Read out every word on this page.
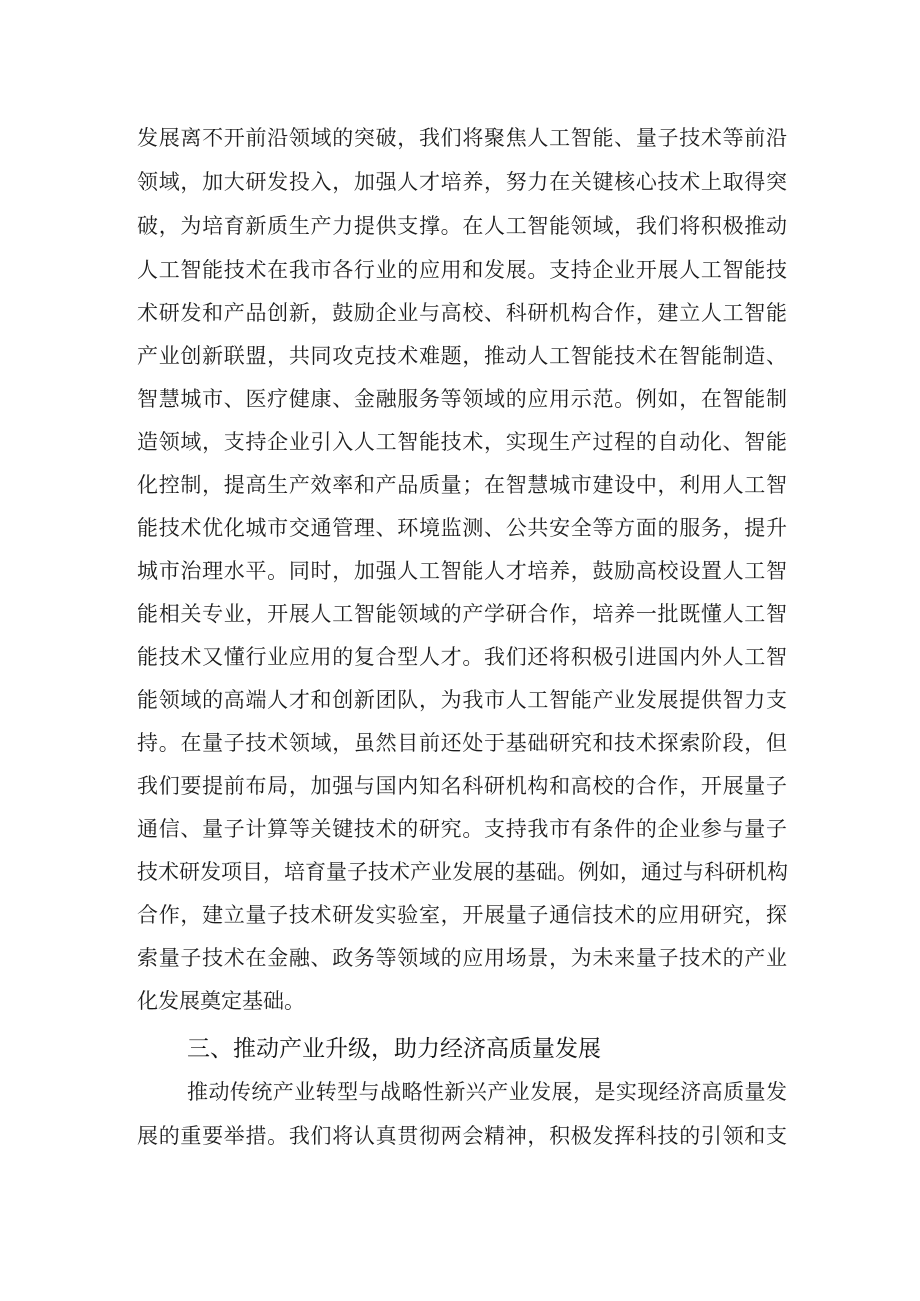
发展离不开前沿领域的突破，我们将聚焦人工智能、量子技术等前沿
领域，加大研发投入，加强人才培养，努力在关键核心技术上取得突
破，为培育新质生产力提供支撑。在人工智能领域，我们将积极推动
人工智能技术在我市各行业的应用和发展。支持企业开展人工智能技
术研发和产品创新，鼓励企业与高校、科研机构合作，建立人工智能
产业创新联盟，共同攻克技术难题，推动人工智能技术在智能制造、
智慧城市、医疗健康、金融服务等领域的应用示范。例如，在智能制
造领域，支持企业引入人工智能技术，实现生产过程的自动化、智能
化控制，提高生产效率和产品质量；在智慧城市建设中，利用人工智
能技术优化城市交通管理、环境监测、公共安全等方面的服务，提升
城市治理水平。同时，加强人工智能人才培养，鼓励高校设置人工智
能相关专业，开展人工智能领域的产学研合作，培养一批既懂人工智
能技术又懂行业应用的复合型人才。我们还将积极引进国内外人工智
能领域的高端人才和创新团队，为我市人工智能产业发展提供智力支
持。在量子技术领域，虽然目前还处于基础研究和技术探索阶段，但
我们要提前布局，加强与国内知名科研机构和高校的合作，开展量子
通信、量子计算等关键技术的研究。支持我市有条件的企业参与量子
技术研发项目，培育量子技术产业发展的基础。例如，通过与科研机构
合作，建立量子技术研发实验室，开展量子通信技术的应用研究，探
索量子技术在金融、政务等领域的应用场景，为未来量子技术的产业
化发展奠定基础。
三、推动产业升级，助力经济高质量发展
推动传统产业转型与战略性新兴产业发展，是实现经济高质量发
展的重要举措。我们将认真贯彻两会精神，积极发挥科技的引领和支
